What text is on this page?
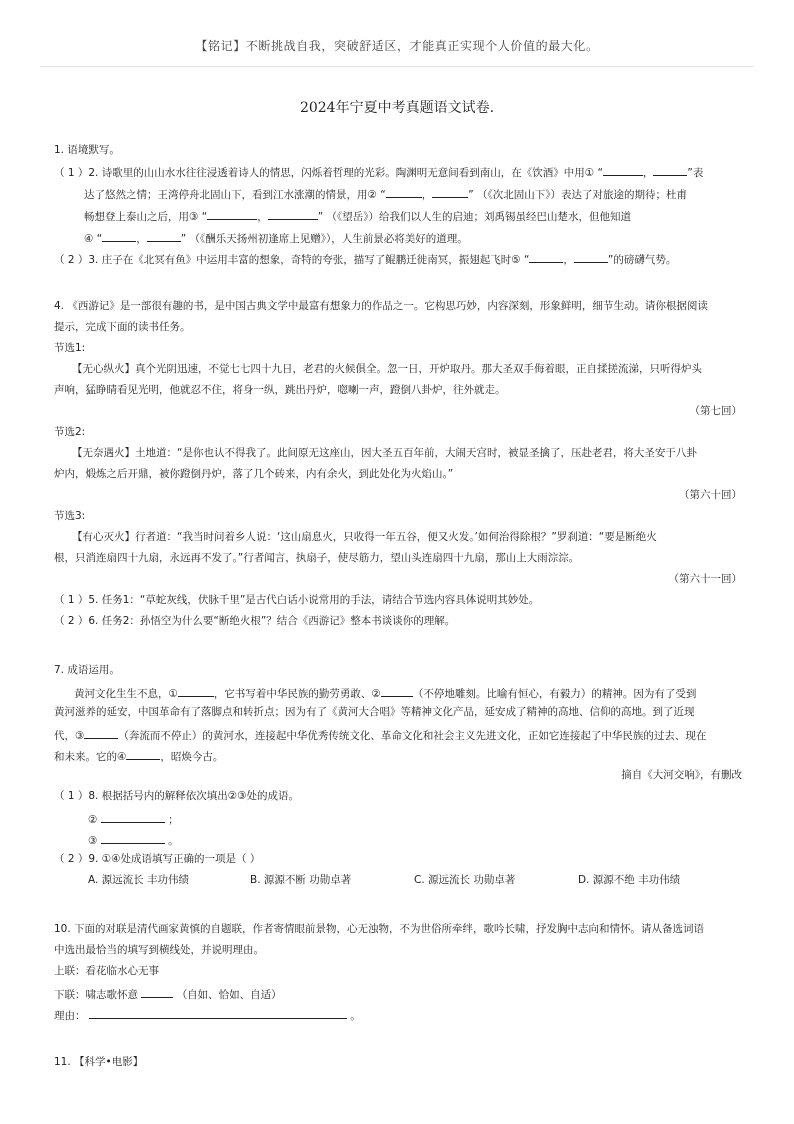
【铭记】不断挑战自我，突破舒适区，才能真正实现个人价值的最大化。
2024年宁夏中考真题语文试卷.
1. 语境默写。
（ 1 ）2. 诗歌里的山山水水往往浸透着诗人的情思，闪烁着哲理的光彩。陶渊明无意间看到南山，在《饮酒》中用① “	，	”表
达了悠然之情；王湾停舟北固山下，看到江水涨潮的情景，用② “	，	” （《次北固山下》）表达了对旅途的期待；杜甫
畅想登上泰山之后，用③ “	，	” （《望岳》）给我们以人生的启迪；刘禹锡虽经巴山楚水，但他知道
④ “	，	” （《酬乐天扬州初逢席上见赠》），人生前景必将美好的道理。
（ 2 ）3. 庄子在《北冥有鱼》中运用丰富的想象，奇特的夸张，描写了鲲鹏迁徙南冥，振翅起飞时⑤ “	，	”的磅礴气势。
4. 《西游记》是一部很有趣的书，是中国古典文学中最富有想象力的作品之一。它构思巧妙，内容深刻，形象鲜明，细节生动。请你根据阅读
提示，完成下面的读书任务。
节选1:
【无心纵火】真个光阴迅速，不觉七七四十九日，老君的火候俱全。忽一日，开炉取丹。那大圣双手侮着眼，正自揉搓流涕，只听得炉头
声响，猛睁睛看见光明，他就忍不住，将身一纵，跳出丹炉，唿喇一声，蹬倒八卦炉，往外就走。
（第七回）
节选2:
【无奈遇火】土地道：“是你也认不得我了。此间原无这座山，因大圣五百年前，大闹天宫时，被显圣擒了，压赴老君，将大圣安于八卦
炉内，煅炼之后开鼎，被你蹬倒丹炉，落了几个砖来，内有余火，到此处化为火焰山。”
（第六十回）
节选3:
【有心灭火】行者道：“我当时问着乡人说：‘这山扇息火，只收得一年五谷，便又火发。’如何治得除根？”罗刹道：“要是断绝火
根，只消连扇四十九扇，永远再不发了。”行者闻言，执扇子，使尽筋力，望山头连扇四十九扇，那山上大雨淙淙。
（第六十一回）
（ 1 ）5. 任务1：“草蛇灰线，伏脉千里”是古代白话小说常用的手法，请结合节选内容具体说明其妙处。
（ 2 ）6. 任务2：孙悟空为什么要“断绝火根”？结合《西游记》整本书谈谈你的理解。
7. 成语运用。
黄河文化生生不息，①	，它书写着中华民族的勤劳勇敢、②	（不停地雕刻。比喻有恒心，有毅力）的精神。因为有了受到
黄河滋养的延安，中国革命有了落脚点和转折点；因为有了《黄河大合唱》等精神文化产品，延安成了精神的高地、信仰的高地。到了近现
代，③	（奔流而不停止）的黄河水，连接起中华优秀传统文化、革命文化和社会主义先进文化，正如它连接起了中华民族的过去、现在
和未来。它的④	，昭焕今古。
摘自《大河交响》，有删改
（ 1 ）8. 根据括号内的解释依次填出②③处的成语。
②	；
③	。
（ 2 ）9. ①④处成语填写正确的一项是（ ）
A. 源远流长 丰功伟绩	B. 源源不断 功勋卓著	C. 源远流长 功勋卓著	D. 源源不绝 丰功伟绩
10. 下面的对联是清代画家黄慎的自题联，作者寄情眼前景物，心无浊物，不为世俗所牵绊，歌吟长啸，抒发胸中志向和情怀。请从备选词语
中选出最恰当的填写到横线处，并说明理由。
上联：看花临水心无事
下联：啸志歌怀意	（自如、恰如、自适）
理由：	。
11. 【科学•电影】
